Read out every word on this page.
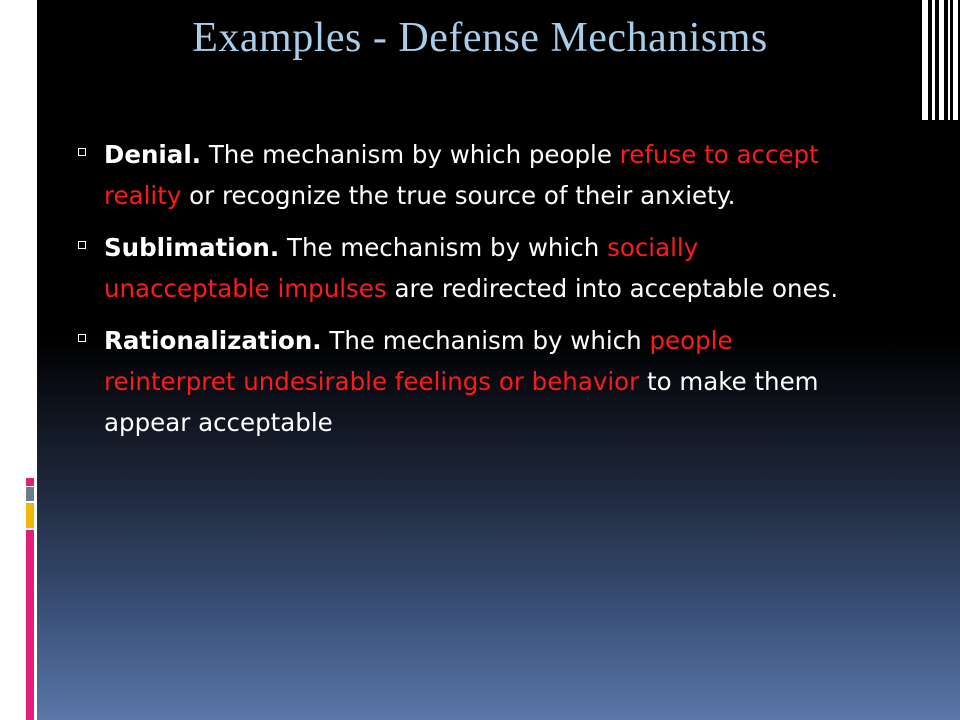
Examples - Defense Mechanisms
Denial. The mechanism by which people refuse to accept reality or recognize the true source of their anxiety.
Sublimation. The mechanism by which socially unacceptable impulses are redirected into acceptable ones.
Rationalization. The mechanism by which people reinterpret undesirable feelings or behavior to make them appear acceptable
